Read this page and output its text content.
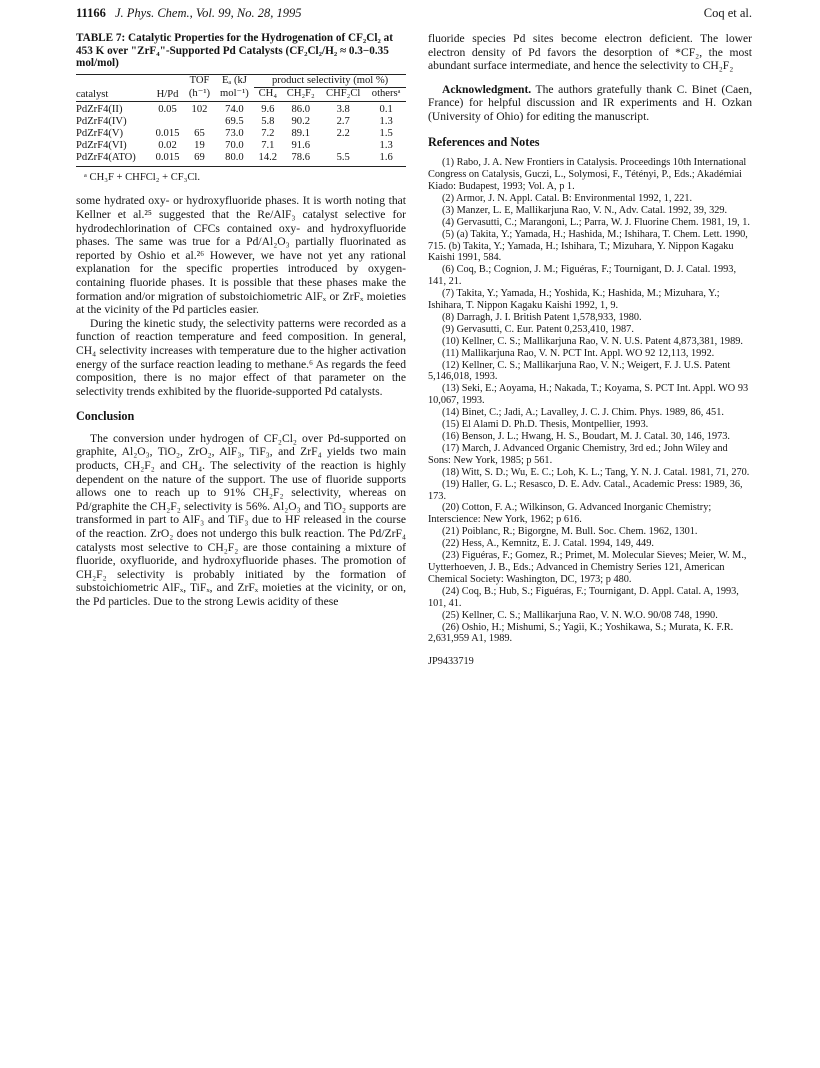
11166 J. Phys. Chem., Vol. 99, No. 28, 1995	Coq et al.
TABLE 7: Catalytic Properties for the Hydrogenation of CF₂Cl₂ at 453 K over "ZrF₄"-Supported Pd Catalysts (CF₂Cl₂/H₂ ≈ 0.3−0.35 mol/mol)
catalyst	H/Pd	TOF	Eₐ (kJ	product selectivity (mol %)			
		(h⁻¹)	mol⁻¹)	CH₄	CH₂F₂	CHF₂Cl	othersᵃ
PdZrF4(II)	0.05	102	74.0	9.6	86.0	3.8	0.1
PdZrF4(IV)			69.5	5.8	90.2	2.7	1.3
PdZrF4(V)	0.015	65	73.0	7.2	89.1	2.2	1.5
PdZrF4(VI)	0.02	19	70.0	7.1	91.6		1.3
PdZrF4(ATO)	0.015	69	80.0	14.2	78.6	5.5	1.6
ᵃ CH₃F + CHFCl₂ + CF₃Cl.

some hydrated oxy- or hydroxyfluoride phases. It is worth noting that Kellner et al.²⁵ suggested that the Re/AlF₃ catalyst selective for hydrodechlorination of CFCs contained oxy- and hydroxyfluoride phases. The same was true for a Pd/Al₂O₃ partially fluorinated as reported by Oshio et al.²⁶ However, we have not yet any rational explanation for the specific properties introduced by oxygen-containing fluoride phases. It is possible that these phases make the formation and/or migration of substoichiometric AlFₓ or ZrFₓ moieties at the vicinity of the Pd particles easier.

During the kinetic study, the selectivity patterns were recorded as a function of reaction temperature and feed composition. In general, CH₄ selectivity increases with temperature due to the higher activation energy of the surface reaction leading to methane.⁶ As regards the feed composition, there is no major effect of that parameter on the selectivity trends exhibited by the fluoride-supported Pd catalysts.

Conclusion

The conversion under hydrogen of CF₂Cl₂ over Pd-supported on graphite, Al₂O₃, TiO₂, ZrO₂, AlF₃, TiF₃, and ZrF₄ yields two main products, CH₂F₂ and CH₄. The selectivity of the reaction is highly dependent on the nature of the support. The use of fluoride supports allows one to reach up to 91% CH₂F₂ selectivity, whereas on Pd/graphite the CH₂F₂ selectivity is 56%. Al₂O₃ and TiO₂ supports are transformed in part to AlF₃ and TiF₃ due to HF released in the course of the reaction. ZrO₂ does not undergo this bulk reaction. The Pd/ZrF₄ catalysts most selective to CH₂F₂ are those containing a mixture of fluoride, oxyfluoride, and hydroxyfluoride phases. The promotion of CH₂F₂ selectivity is probably initiated by the formation of substoichiometric AlFₓ, TiFₓ, and ZrFₓ moieties at the vicinity, or on, the Pd particles. Due to the strong Lewis acidity of these

fluoride species Pd sites become electron deficient. The lower electron density of Pd favors the desorption of *CF₂, the most abundant surface intermediate, and hence the selectivity to CH₂F₂

Acknowledgment. The authors gratefully thank C. Binet (Caen, France) for helpful discussion and IR experiments and H. Ozkan (University of Ohio) for editing the manuscript.

References and Notes

(1) Rabo, J. A. New Frontiers in Catalysis. Proceedings 10th International Congress on Catalysis, Guczi, L., Solymosi, F., Tétényi, P., Eds.; Akadémiai Kiado: Budapest, 1993; Vol. A, p 1.

(2) Armor, J. N. Appl. Catal. B: Environmental 1992, 1, 221.

(3) Manzer, L. E, Mallikarjuna Rao, V. N., Adv. Catal. 1992, 39, 329.

(4) Gervasutti, C.; Marangoni, L.; Parra, W. J. Fluorine Chem. 1981, 19, 1.

(5) (a) Takita, Y.; Yamada, H.; Hashida, M.; Ishihara, T. Chem. Lett. 1990, 715. (b) Takita, Y.; Yamada, H.; Ishihara, T.; Mizuhara, Y. Nippon Kagaku Kaishi 1991, 584.

(6) Coq, B.; Cognion, J. M.; Figuéras, F.; Tournigant, D. J. Catal. 1993, 141, 21.

(7) Takita, Y.; Yamada, H.; Yoshida, K.; Hashida, M.; Mizuhara, Y.; Ishihara, T. Nippon Kagaku Kaishi 1992, 1, 9.

(8) Darragh, J. I. British Patent 1,578,933, 1980.

(9) Gervasutti, C. Eur. Patent 0,253,410, 1987.

(10) Kellner, C. S.; Mallikarjuna Rao, V. N. U.S. Patent 4,873,381, 1989.

(11) Mallikarjuna Rao, V. N. PCT Int. Appl. WO 92 12,113, 1992.

(12) Kellner, C. S.; Mallikarjuna Rao, V. N.; Weigert, F. J. U.S. Patent 5,146,018, 1993.

(13) Seki, E.; Aoyama, H.; Nakada, T.; Koyama, S. PCT Int. Appl. WO 93 10,067, 1993.

(14) Binet, C.; Jadi, A.; Lavalley, J. C. J. Chim. Phys. 1989, 86, 451.

(15) El Alami D. Ph.D. Thesis, Montpellier, 1993.

(16) Benson, J. L.; Hwang, H. S., Boudart, M. J. Catal. 30, 146, 1973.

(17) March, J. Advanced Organic Chemistry, 3rd ed.; John Wiley and Sons: New York, 1985; p 561.

(18) Witt, S. D.; Wu, E. C.; Loh, K. L.; Tang, Y. N. J. Catal. 1981, 71, 270.

(19) Haller, G. L.; Resasco, D. E. Adv. Catal., Academic Press: 1989, 36, 173.

(20) Cotton, F. A.; Wilkinson, G. Advanced Inorganic Chemistry; Interscience: New York, 1962; p 616.

(21) Poiblanc, R.; Bigorgne, M. Bull. Soc. Chem. 1962, 1301.

(22) Hess, A., Kemnitz, E. J. Catal. 1994, 149, 449.

(23) Figuéras, F.; Gomez, R.; Primet, M. Molecular Sieves; Meier, W. M., Uytterhoeven, J. B., Eds.; Advanced in Chemistry Series 121, American Chemical Society: Washington, DC, 1973; p 480.

(24) Coq, B.; Hub, S.; Figuéras, F.; Tournigant, D. Appl. Catal. A, 1993, 101, 41.

(25) Kellner, C. S.; Mallikarjuna Rao, V. N. W.O. 90/08 748, 1990.

(26) Oshio, H.; Mishumi, S.; Yagii, K.; Yoshikawa, S.; Murata, K. F.R. 2,631,959 A1, 1989.

JP9433719
